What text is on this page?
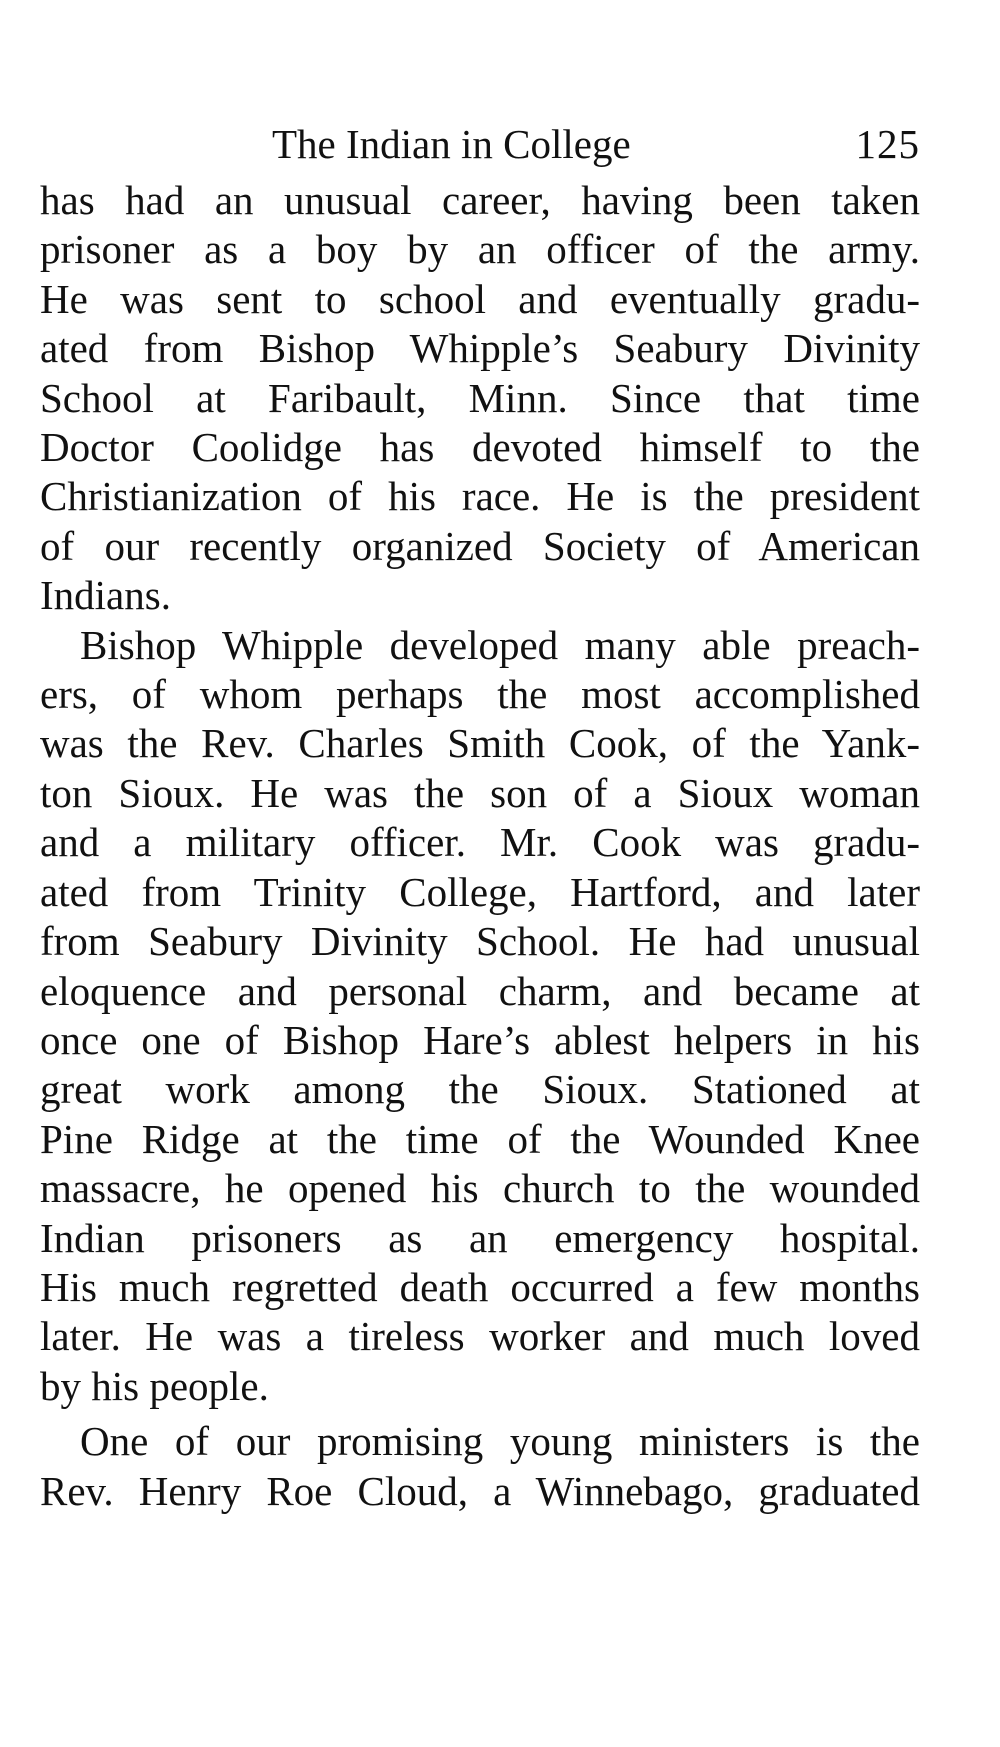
The Indian in College	125

has had an unusual career, having been taken
prisoner as a boy by an officer of the army.
He was sent to school and eventually gradu-
ated from Bishop Whipple’s Seabury Divinity
School at Faribault, Minn. Since that time
Doctor Coolidge has devoted himself to the
Christianization of his race. He is the president
of our recently organized Society of American
Indians.

Bishop Whipple developed many able preach-
ers, of whom perhaps the most accomplished
was the Rev. Charles Smith Cook, of the Yank-
ton Sioux. He was the son of a Sioux woman
and a military officer. Mr. Cook was gradu-
ated from Trinity College, Hartford, and later
from Seabury Divinity School. He had unusual
eloquence and personal charm, and became at
once one of Bishop Hare’s ablest helpers in his
great work among the Sioux. Stationed at
Pine Ridge at the time of the Wounded Knee
massacre, he opened his church to the wounded
Indian prisoners as an emergency hospital.
His much regretted death occurred a few months
later. He was a tireless worker and much loved
by his people.

One of our promising young ministers is the
Rev. Henry Roe Cloud, a Winnebago, graduated
